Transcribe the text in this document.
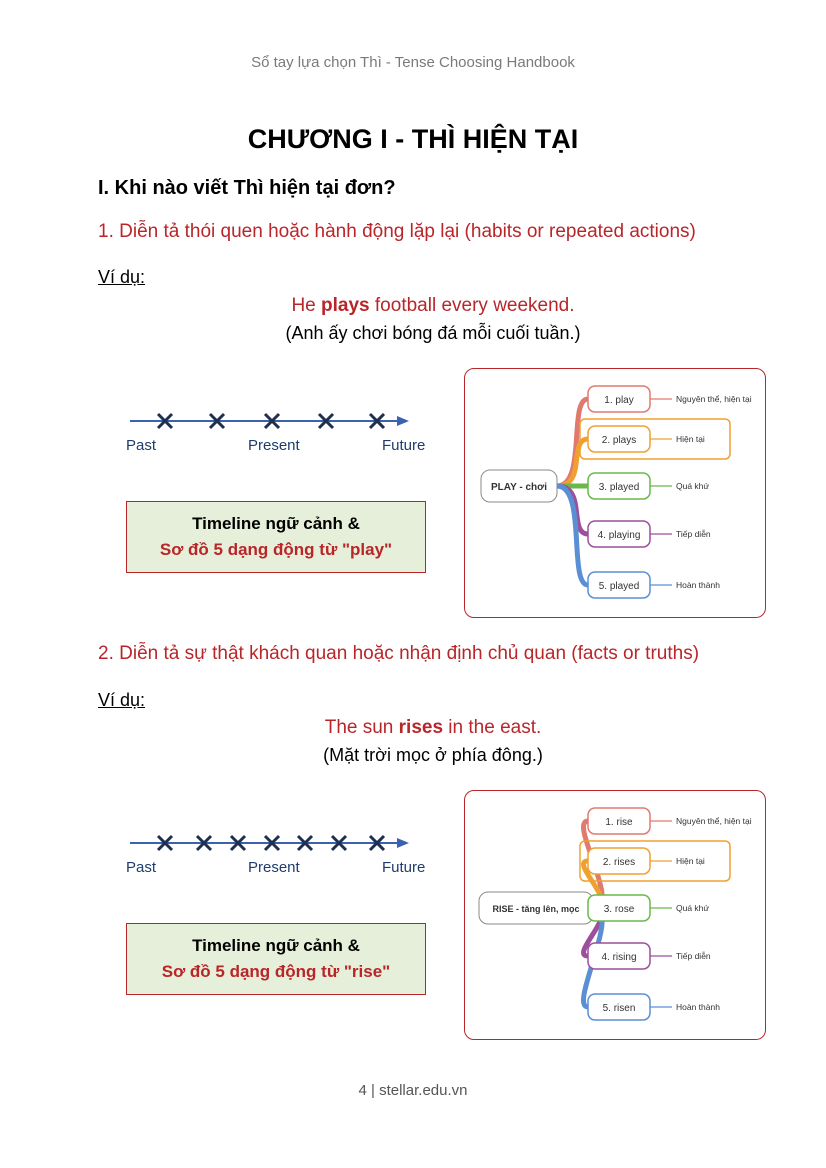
Sổ tay lựa chọn Thì - Tense Choosing Handbook
CHƯƠNG I - THÌ HIỆN TẠI
I. Khi nào viết Thì hiện tại đơn?
1. Diễn tả thói quen hoặc hành động lặp lại (habits or repeated actions)
Ví dụ:
He plays football every weekend.
(Anh ấy chơi bóng đá mỗi cuối tuần.)
Past	Present	Future
Timeline ngữ cảnh &
Sơ đồ 5 dạng động từ "play"
PLAY - chơi
1. play	Nguyên thể, hiện tại
2. plays	Hiện tại
3. played	Quá khứ
4. playing	Tiếp diễn
5. played	Hoàn thành
2. Diễn tả sự thật khách quan hoặc nhận định chủ quan (facts or truths)
Ví dụ:
The sun rises in the east.
(Mặt trời mọc ở phía đông.)
Past	Present	Future
Timeline ngữ cảnh &
Sơ đồ 5 dạng động từ "rise"
RISE - tăng lên, mọc
1. rise	Nguyên thể, hiện tại
2. rises	Hiện tại
3. rose	Quá khứ
4. rising	Tiếp diễn
5. risen	Hoàn thành
4 | stellar.edu.vn
